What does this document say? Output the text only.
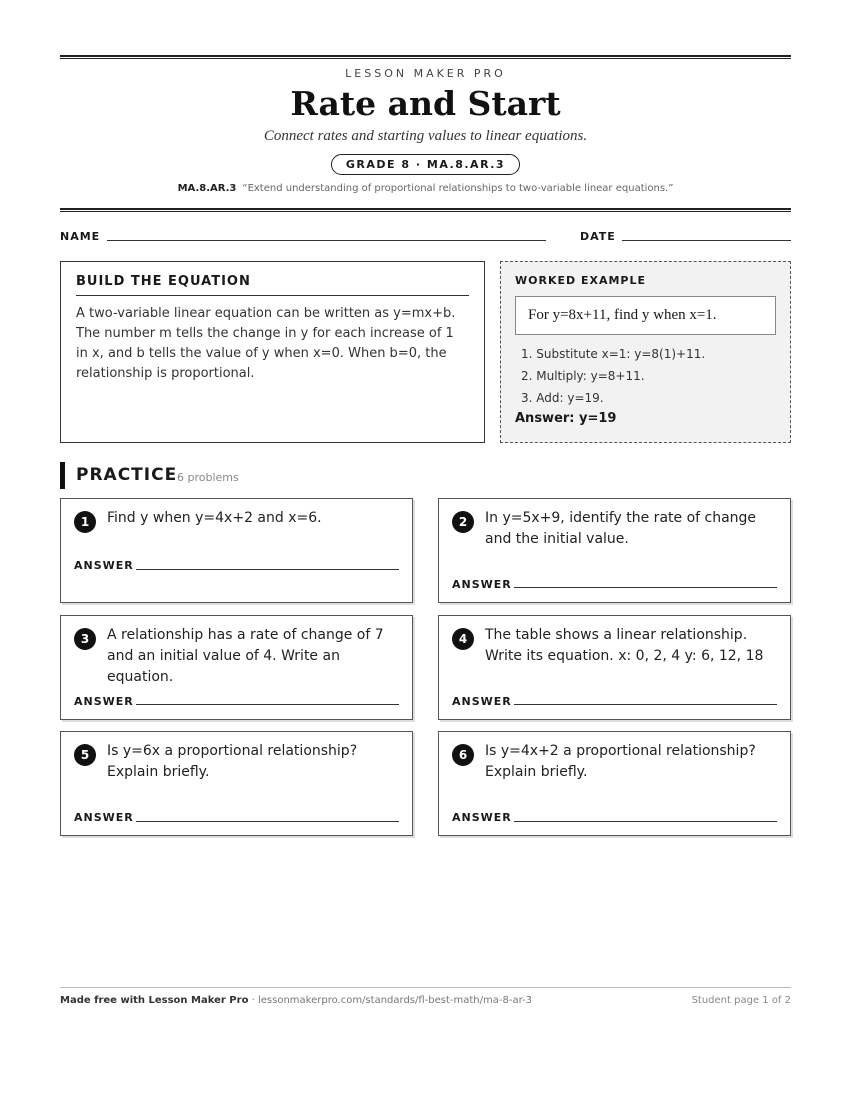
LESSON MAKER PRO
Rate and Start
Connect rates and starting values to linear equations.
GRADE 8 · MA.8.AR.3
MA.8.AR.3 “Extend understanding of proportional relationships to two-variable linear equations.”
NAME	DATE
BUILD THE EQUATION
A two-variable linear equation can be written as y=mx+b. The number m tells the change in y for each increase of 1 in x, and b tells the value of y when x=0. When b=0, the relationship is proportional.
WORKED EXAMPLE
For y=8x+11, find y when x=1.
1. Substitute x=1: y=8(1)+11.
2. Multiply: y=8+11.
3. Add: y=19.
Answer: y=19
PRACTICE 6 problems
1	Find y when y=4x+2 and x=6.
ANSWER
2	In y=5x+9, identify the rate of change and the initial value.
ANSWER
3	A relationship has a rate of change of 7 and an initial value of 4. Write an equation.
ANSWER
4	The table shows a linear relationship. Write its equation. x: 0, 2, 4 y: 6, 12, 18
ANSWER
5	Is y=6x a proportional relationship? Explain briefly.
ANSWER
6	Is y=4x+2 a proportional relationship? Explain briefly.
ANSWER
Made free with Lesson Maker Pro · lessonmakerpro.com/standards/fl-best-math/ma-8-ar-3	Student page 1 of 2
